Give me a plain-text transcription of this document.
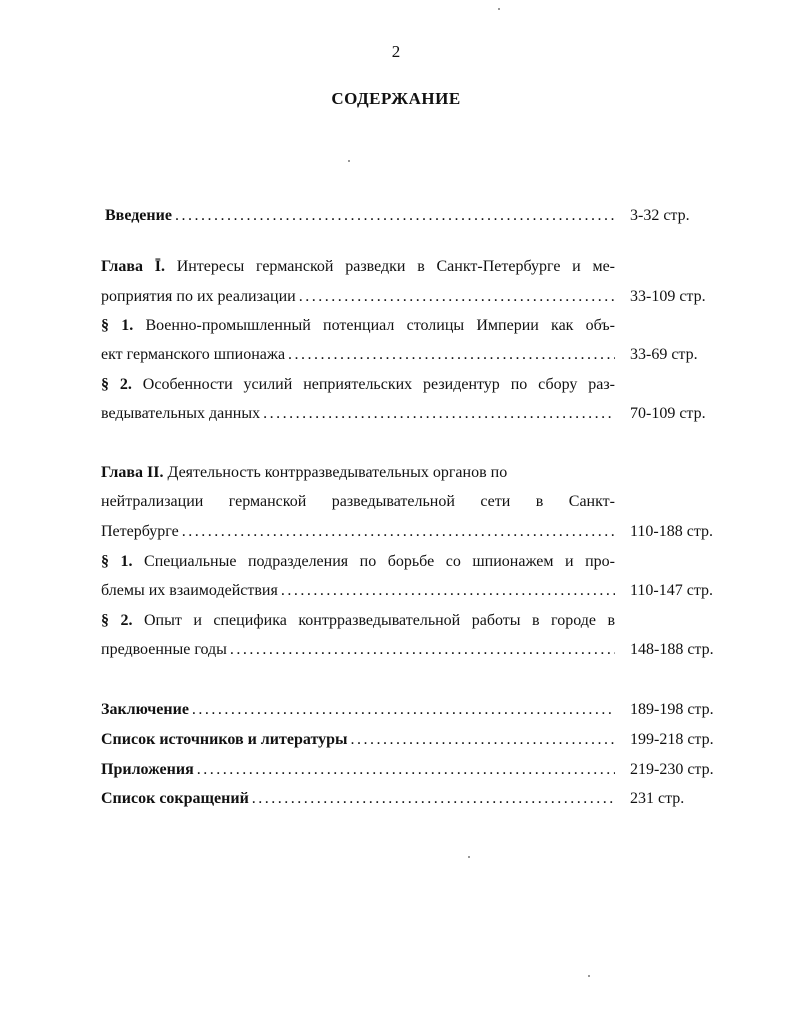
2
СОДЕРЖАНИЕ
Введение .....	3-32 стр.
Глава Ī. Интересы германской разведки в Санкт-Петербурге и ме-
роприятия по их реализации .....	33-109 стр.
§ 1. Военно-промышленный потенциал столицы Империи как объ-
ект германского шпионажа .....	33-69 стр.
§ 2. Особенности усилий неприятельских резидентур по сбору раз-
ведывательных данных .....	70-109 стр.
Глава II. Деятельность контрразведывательных органов по
нейтрализации германской разведывательной сети в Санкт-
Петербурге .....	110-188 стр.
§ 1. Специальные подразделения по борьбе со шпионажем и про-
блемы их взаимодействия .....	110-147 стр.
§ 2. Опыт и специфика контрразведывательной работы в городе в
предвоенные годы .....	148-188 стр.
Заключение .....	189-198 стр.
Список источников и литературы .....	199-218 стр.
Приложения .....	219-230 стр.
Список сокращений .....	231 стр.
